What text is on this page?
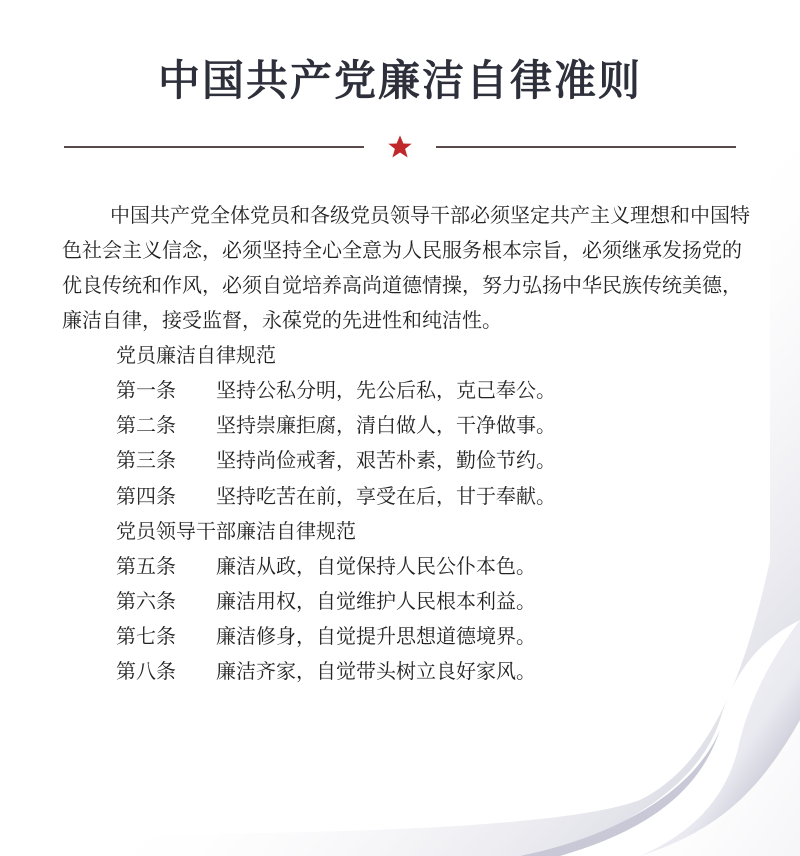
中国共产党廉洁自律准则

中国共产党全体党员和各级党员领导干部必须坚定共产主义理想和中国特色社会主义信念，必须坚持全心全意为人民服务根本宗旨，必须继承发扬党的优良传统和作风，必须自觉培养高尚道德情操，努力弘扬中华民族传统美德，廉洁自律，接受监督，永葆党的先进性和纯洁性。

党员廉洁自律规范

第一条	坚持公私分明，先公后私，克己奉公。
第二条	坚持崇廉拒腐，清白做人，干净做事。
第三条	坚持尚俭戒奢，艰苦朴素，勤俭节约。
第四条	坚持吃苦在前，享受在后，甘于奉献。

党员领导干部廉洁自律规范

第五条	廉洁从政，自觉保持人民公仆本色。
第六条	廉洁用权，自觉维护人民根本利益。
第七条	廉洁修身，自觉提升思想道德境界。
第八条	廉洁齐家，自觉带头树立良好家风。
